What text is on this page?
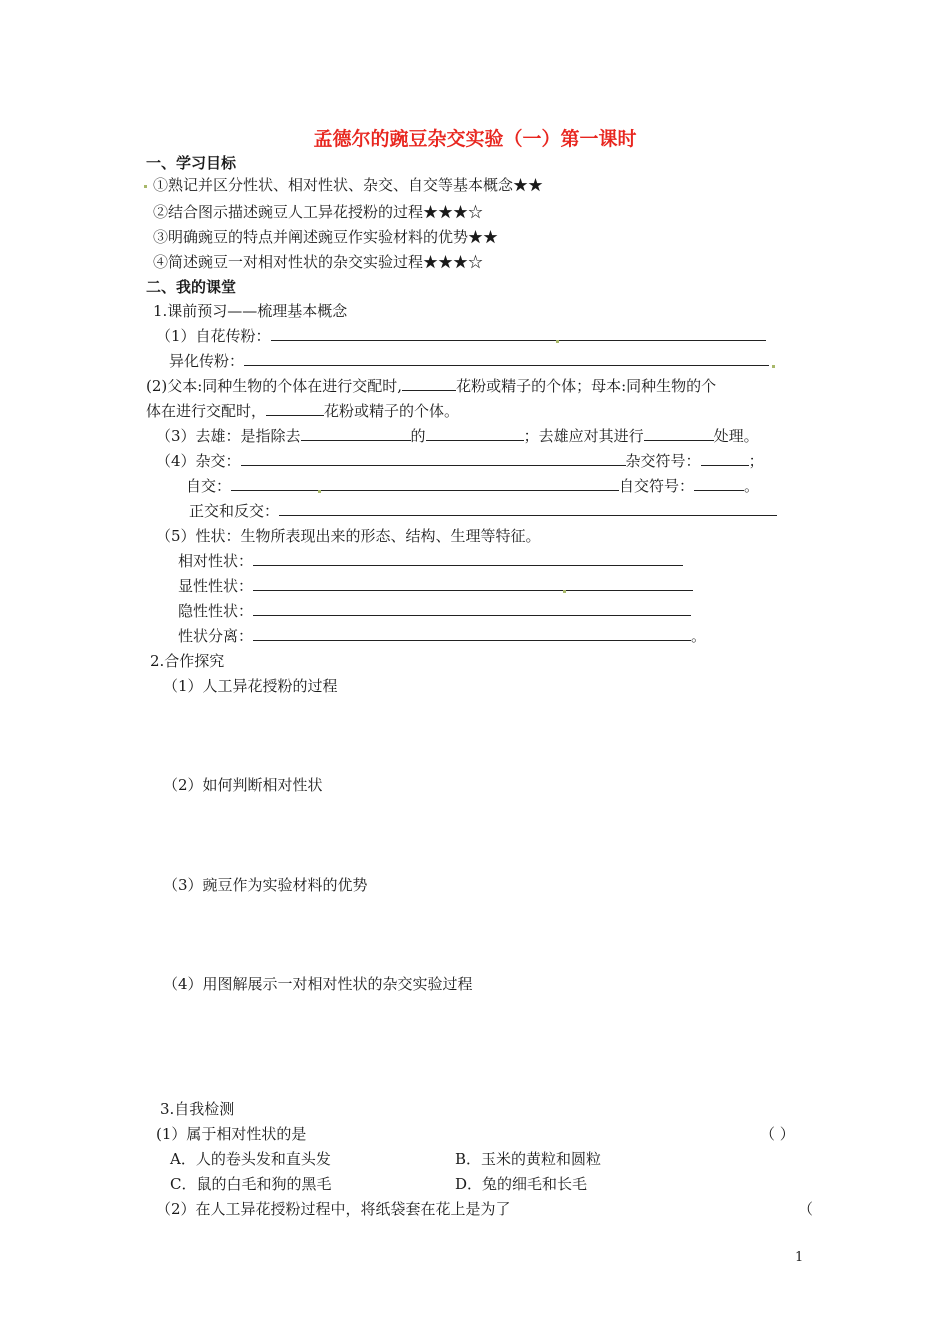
孟德尔的豌豆杂交实验（一）第一课时
一、学习目标
①熟记并区分性状、相对性状、杂交、自交等基本概念★★
②结合图示描述豌豆人工异花授粉的过程★★★☆
③明确豌豆的特点并阐述豌豆作实验材料的优势★★
④简述豌豆一对相对性状的杂交实验过程★★★☆
二、我的课堂
1.课前预习——梳理基本概念
（1）自花传粉：
异化传粉：
(2)父本:同种生物的个体在进行交配时,	花粉或精子的个体；母本:同种生物的个
体在进行交配时，	花粉或精子的个体。
（3）去雄：是指除去	的	；去雄应对其进行	处理。
（4）杂交：	杂交符号：	；
自交：	自交符号：	。
正交和反交：
（5）性状：生物所表现出来的形态、结构、生理等特征。
相对性状：
显性性状：
隐性性状：
性状分离：	。
2.合作探究
（1）人工异花授粉的过程
（2）如何判断相对性状
（3）豌豆作为实验材料的优势
（4）用图解展示一对相对性状的杂交实验过程
3.自我检测
(1）属于相对性状的是	（ ）
A．人的卷头发和直头发	B．玉米的黄粒和圆粒
C．鼠的白毛和狗的黑毛	D．兔的细毛和长毛
（2）在人工异花授粉过程中，将纸袋套在花上是为了	（
1
